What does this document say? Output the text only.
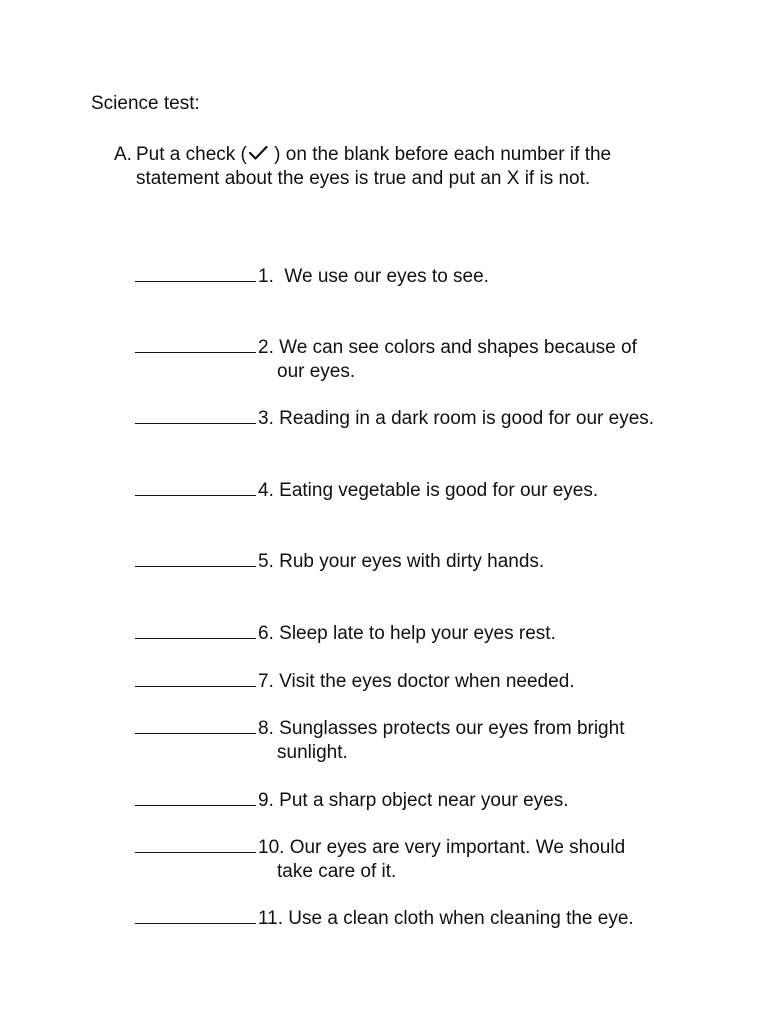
Science test:
A. Put a check ( ) on the blank before each number if the
statement about the eyes is true and put an X if is not.
1. We use our eyes to see.
2. We can see colors and shapes because of
our eyes.
3. Reading in a dark room is good for our eyes.
4. Eating vegetable is good for our eyes.
5. Rub your eyes with dirty hands.
6. Sleep late to help your eyes rest.
7. Visit the eyes doctor when needed.
8. Sunglasses protects our eyes from bright
sunlight.
9. Put a sharp object near your eyes.
10. Our eyes are very important. We should
take care of it.
11. Use a clean cloth when cleaning the eye.
